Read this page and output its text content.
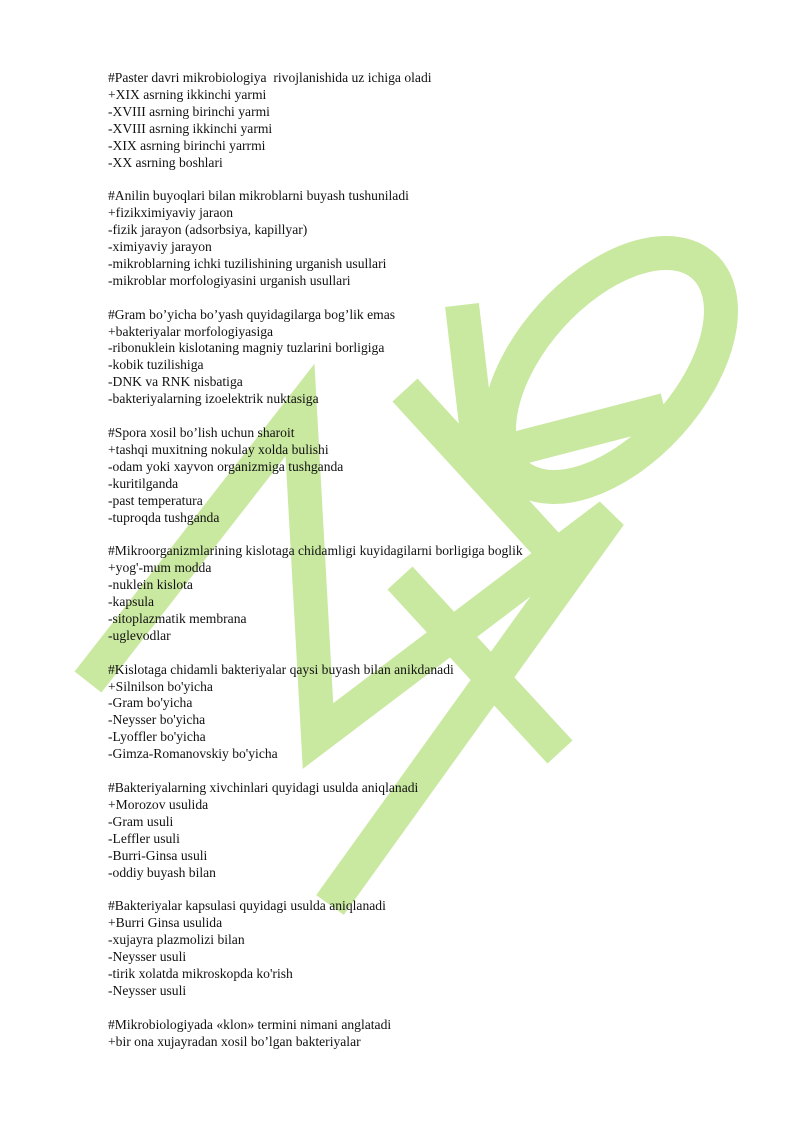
#Paster davri mikrobiologiya  rivojlanishida uz ichiga oladi
+XIX asrning ikkinchi yarmi
-XVIII asrning birinchi yarmi
-XVIII asrning ikkinchi yarmi
-XIX asrning birinchi yarrmi
-XX asrning boshlari
#Anilin buyoqlari bilan mikroblarni buyash tushuniladi
+fizikximiyaviy jaraon
-fizik jarayon (adsorbsiya, kapillyar)
-ximiyaviy jarayon
-mikroblarning ichki tuzilishining urganish usullari
-mikroblar morfologiyasini urganish usullari
#Gram bo’yicha bo’yash quyidagilarga bog’lik emas
+bakteriyalar morfologiyasiga
-ribonuklein kislotaning magniy tuzlarini borligiga
-kobik tuzilishiga
-DNK va RNK nisbatiga
-bakteriyalarning izoelektrik nuktasiga
#Spora xosil bo’lish uchun sharoit
+tashqi muxitning nokulay xolda bulishi
-odam yoki xayvon organizmiga tushganda
-kuritilganda
-past temperatura
-tuproqda tushganda
#Mikroorganizmlarining kislotaga chidamligi kuyidagilarni borligiga boglik
+yog'-mum modda
-nuklein kislota
-kapsula
-sitoplazmatik membrana
-uglevodlar
#Kislotaga chidamli bakteriyalar qaysi buyash bilan anikdanadi
+Silnilson bo'yicha
-Gram bo'yicha
-Neysser bo'yicha
-Lyoffler bo'yicha
-Gimza-Romanovskiy bo'yicha
#Bakteriyalarning xivchinlari quyidagi usulda aniqlanadi
+Morozov usulida
-Gram usuli
-Leffler usuli
-Burri-Ginsa usuli
-oddiy buyash bilan
#Bakteriyalar kapsulasi quyidagi usulda aniqlanadi
+Burri Ginsa usulida
-xujayra plazmolizi bilan
-Neysser usuli
-tirik xolatda mikroskopda ko'rish
-Neysser usuli
#Mikrobiologiyada «klon» termini nimani anglatadi
+bir ona xujayradan xosil bo’lgan bakteriyalar
